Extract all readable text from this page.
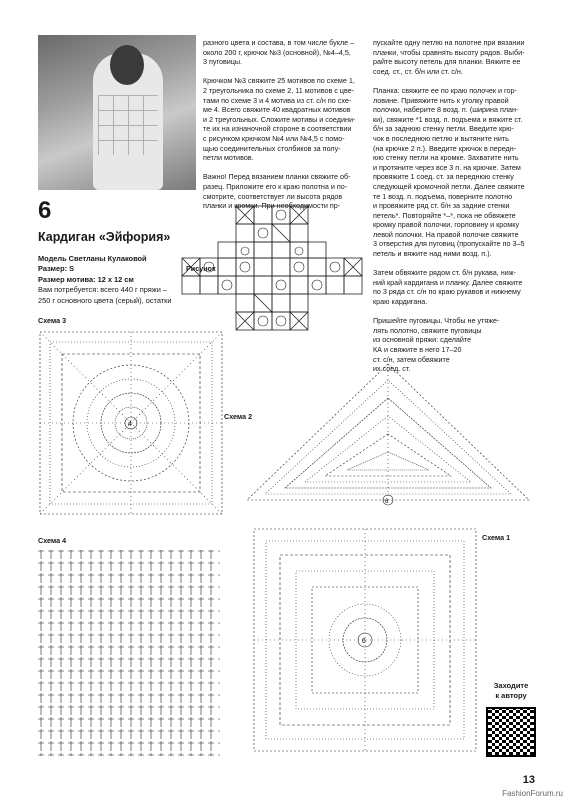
6
Кардиган «Эйфория»
Модель Светланы Кулаковой
Размер: S
Размер мотива: 12 х 12 см
Вам потребуется: всего 440 г пряжи –
250 г основного цвета (серый), остатки
разного цвета и состава, в том числе букле –
около 200 г, крючок №3 (основной), №4–4,5,
3 пуговицы.

Крючком №3 свяжите 25 мотивов по схеме 1,
2 треугольника по схеме 2, 11 мотивов с цве-
тами по схеме 3 и 4 мотива из ст. с/н по схе-
ме 4. Всего свяжите 40 квадратных мотивов
и 2 треугольных. Сложите мотивы и соедини-
те их на изнаночной стороне в соответствии
с рисунком крючком №4 или №4,5 с помо-
щью соединительных столбиков за полу-
петли мотивов.

Важно! Перед вязанием планки свяжите об-
разец. Приложите его к краю полотна и по-
смотрите, соответствует ли высота рядов
планки и кромки. При необходимости пр-
пускайте одну петлю на полотне при вязании
планки, чтобы сравнять высоту рядов. Выби-
райте высоту петель для планки. Вяжите ее
соед. ст., ст. б/н или ст. с/н.

Планка: свяжите ее по краю полочек и гор-
ловине. Привяжите нить к уголку правой
полочки, наберите 8 возд. п. (ширина план-
ки), свяжите *1 возд. п. подъема и вяжите ст.
б/н за заднюю стенку петли. Введите крю-
чок в последнюю петлю и вытяните нить
(на крючке 2 п.). Введите крючок в передн-
юю стенку петли на кромке. Захватите нить
и протяните через все 3 п. на крючке. Затем
провяжите 1 соед. ст. за переднюю стенку
следующей кромочной петли. Далее свяжите
те 1 возд. п. подъема, поверните полотно
и провяжите ряд ст. б/н за задние стенки
петель*. Повторяйте *–*, пока не обвяжете
кромку правой полочки, горловину и кромку
левой полочки. На правой полочке свяжите
3 отверстия для пуговиц (пропускайте по 3–5
петель и вяжите над ними возд. п.).

Затем обвяжите рядом ст. б/н рукава, ниж-
ний край кардигана и планку. Далее свяжите
по 3 ряда ст. с/н по краю рукавов и нижнему
краю кардигана.

Пришейте пуговицы. Чтобы не утяже-
лять полотно, свяжите пуговицы
из основной пряжи: сделайте
КА и свяжите в него 17–20
ст. с/н, затем обвяжите
их соед. ст.
Рисунок
Схема 3
4
Схема 2
6
Схема 4	Схема 1
6
Заходите
к автору
13
FashionForum.ru
